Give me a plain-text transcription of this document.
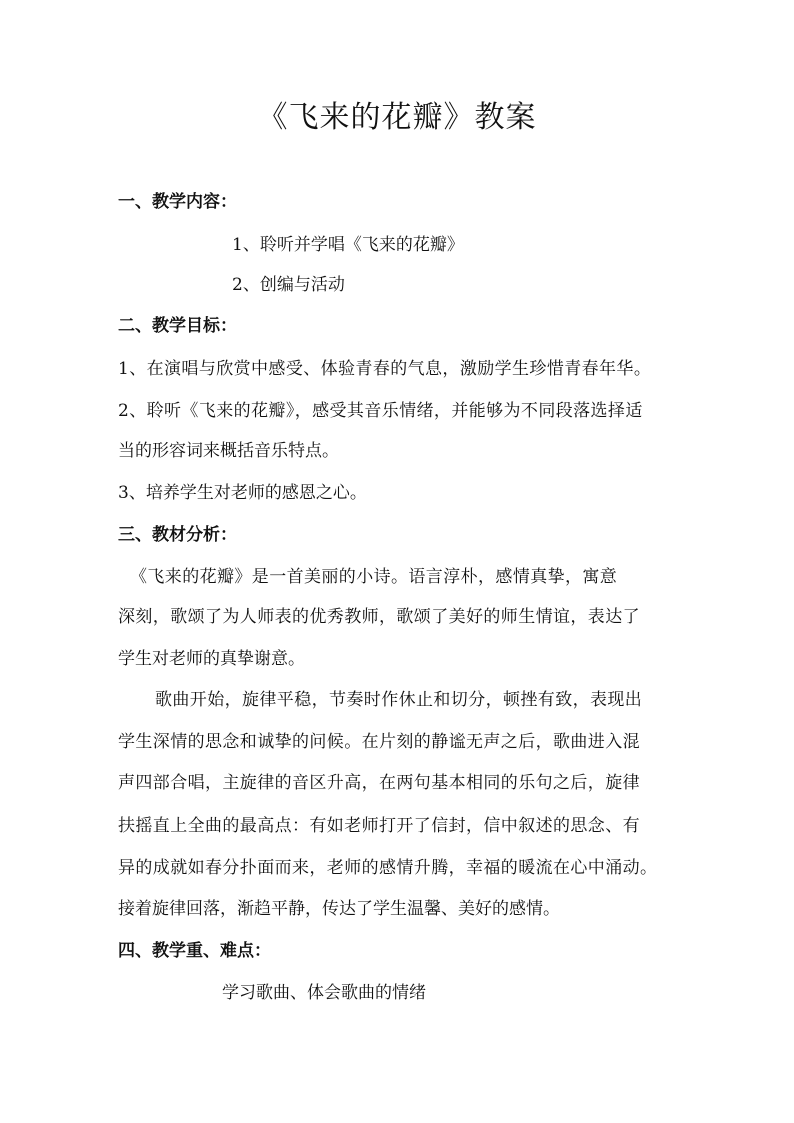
《飞来的花瓣》教案
一、教学内容：
1、聆听并学唱《飞来的花瓣》
2、创编与活动
二、教学目标：
1、在演唱与欣赏中感受、体验青春的气息，激励学生珍惜青春年华。
2、聆听《飞来的花瓣》，感受其音乐情绪，并能够为不同段落选择适
当的形容词来概括音乐特点。
3、培养学生对老师的感恩之心。
三、教材分析：
《飞来的花瓣》是一首美丽的小诗。语言淳朴，感情真挚，寓意
深刻，歌颂了为人师表的优秀教师，歌颂了美好的师生情谊，表达了
学生对老师的真挚谢意。
歌曲开始，旋律平稳，节奏时作休止和切分，顿挫有致，表现出
学生深情的思念和诚挚的问候。在片刻的静谧无声之后，歌曲进入混
声四部合唱，主旋律的音区升高，在两句基本相同的乐句之后，旋律
扶摇直上全曲的最高点：有如老师打开了信封，信中叙述的思念、有
异的成就如春分扑面而来，老师的感情升腾，幸福的暖流在心中涌动。
接着旋律回落，渐趋平静，传达了学生温馨、美好的感情。
四、教学重、难点：
学习歌曲、体会歌曲的情绪
